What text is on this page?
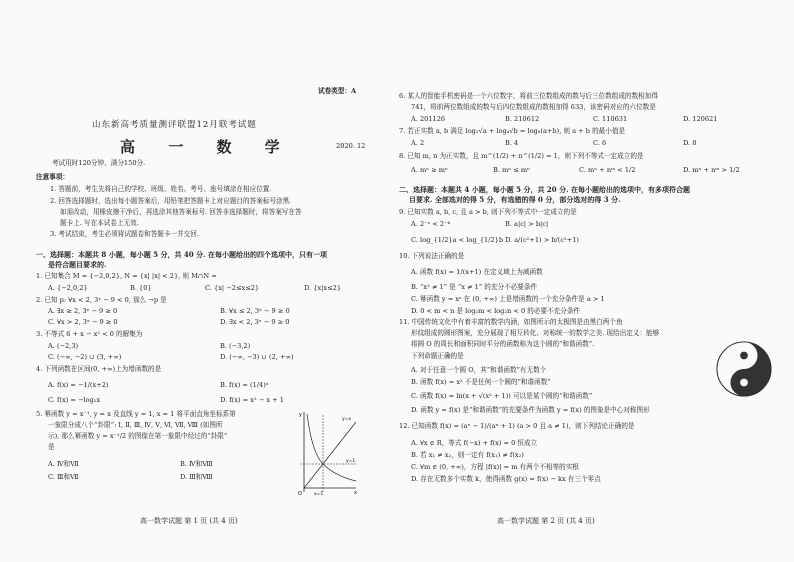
试卷类型：A
山东新高考质量测评联盟12月联考试题
高 一 数 学	2020. 12
考试用时120分钟，满分150分.
注意事项：
1. 答题前，考生先将自己的学校、班级、姓名、考号、座号填涂在相应位置.
2. 回答选择题时，选出每小题答案后，用铅笔把答题卡上对应题目的答案标号涂黑.
如需改动，用橡皮擦干净后，再选涂其他答案标号. 回答非选择题时，将答案写在答
题卡上. 写在本试卷上无效.
3. 考试结束，考生必须将试题卷和答题卡一并交回.
一、选择题：本题共 8 小题，每小题 5 分，共 40 分. 在每小题给出的四个选项中，只有一项
是符合题目要求的.
1. 已知集合 M = {−2,0,2}, N = {x| |x| < 2}, 则 M∩N =
A. {−2,0,2}	B. {0}	C. {x| −2≤x≤2}	D. {x|x≤2}
2. 已知 p: ∀x < 2, 3ˣ − 9 < 0, 那么 ¬p 是
A. ∃x ≥ 2, 3ˣ − 9 ≥ 0	B. ∀x ≤ 2, 3ˣ − 9 ≥ 0
C. ∀x > 2, 3ˣ − 9 ≥ 0	D. ∃x < 2, 3ˣ − 9 ≥ 0
3. 不等式 6 + x − x² < 0 的解集为
A. (−2,3)	B. (−3,2)
C. (−∞, −2) ∪ (3, +∞)	D. (−∞, −3) ∪ (2, +∞)
4. 下列函数在区间(0, +∞)上为增函数的是
A. f(x) = −1/(x+2)	B. f(x) = (1/4)ˣ
C. f(x) = −log₂x	D. f(x) = x² − x + 1
5. 幂函数 y = x⁻¹, y = x 及直线 y = 1, x = 1 将平面直角坐标系第
一象限分成八个“卦限”: Ⅰ, Ⅱ, Ⅲ, Ⅳ, Ⅴ, Ⅵ, Ⅶ, Ⅷ (如图所
示), 那么幂函数 y = x⁻¹/2 的图像在第一象限中经过的“卦限”
是
A. Ⅳ和Ⅶ	B. Ⅳ和Ⅷ
C. Ⅲ和Ⅶ	D. Ⅲ和Ⅷ
y
x
O
y=x
y=1
x=1
高一数学试题 第 1 页 (共 4 页)
6. 某人的智能手机密码是一个六位数字，将前三位数组成的数与后三位数组成的数相加得
741，将前两位数组成的数与后四位数组成的数相加得 633，该密码对应的六位数是
A. 201126	B. 210612	C. 110631	D. 120621
7. 若正实数 a, b 满足 log₂√a + log₄√b = log₈(a+b), 则 a + b 的最小值是
A. 2	B. 4	C. 6	D. 8
8. 已知 m, n 为正实数，且 m^(1/2) + n^(1/2) = 1，则下列不等式一定成立的是
A. mⁿ ≥ mⁿ	B. mⁿ ≤ mⁿ	C. mⁿ + nᵐ < 1/2	D. mⁿ + nᵐ > 1/2
二、选择题：本题共 4 小题，每小题 5 分，共 20 分. 在每小题给出的选项中，有多项符合题
目要求. 全部选对的得 5 分，有选错的得 0 分，部分选对的得 3 分.
9. 已知实数 a, b, c, 且 a > b, 则下列不等式中一定成立的是
A. 2⁻ᵃ < 2⁻ᵇ	B. a|c| > b|c|
C. log_{1/2}a < log_{1/2}b D. a/(c²+1) > b/(c²+1)
10. 下列说法正确的是
A. 函数 f(x) = 1/(x+1) 在定义域上为减函数
B. “x² ≠ 1” 是 “x ≠ 1” 的充分不必要条件
C. 幂函数 y = xᵃ 在 (0, +∞) 上是增函数的一个充分条件是 a > 1
D. 0 < m < n 是 log₂m < log₂n < 0 的必要不充分条件
11. 中国传统文化中有着丰富的数学内涵，如图所示的太极图是由黑白两个鱼
形纹组成的圆形图案，充分展现了相互转化、对称统一的数学之美. 现给出定义：能够
将圆 O 的周长和面积同时平分的函数称为这个圆的“和谐函数”.
下列命题正确的是
A. 对于任意一个圆 O，其“和谐函数”有无数个
B. 函数 f(x) = x² 不是任何一个圆的“和谐函数”
C. 函数 f(x) = ln(x + √(x² + 1)) 可以是某个圆的“和谐函数”
D. 函数 y = f(x) 是“和谐函数”的充要条件为函数 y = f(x) 的图象是中心对称图形
12. 已知函数 f(x) = (aˣ − 1)/(aˣ + 1) (a > 0 且 a ≠ 1)，则下列结论正确的是
A. ∀x ∈ R，等式 f(−x) + f(x) = 0 恒成立
B. 若 x₁ ≠ x₂，则一定有 f(x₁) ≠ f(x₂)
C. ∀m ∈ (0, +∞)，方程 |f(x)| = m 有两个不相等的实根
D. 存在无数多个实数 k，使得函数 g(x) = f(x) − kx 有三个零点
高一数学试题 第 2 页 (共 4 页)
